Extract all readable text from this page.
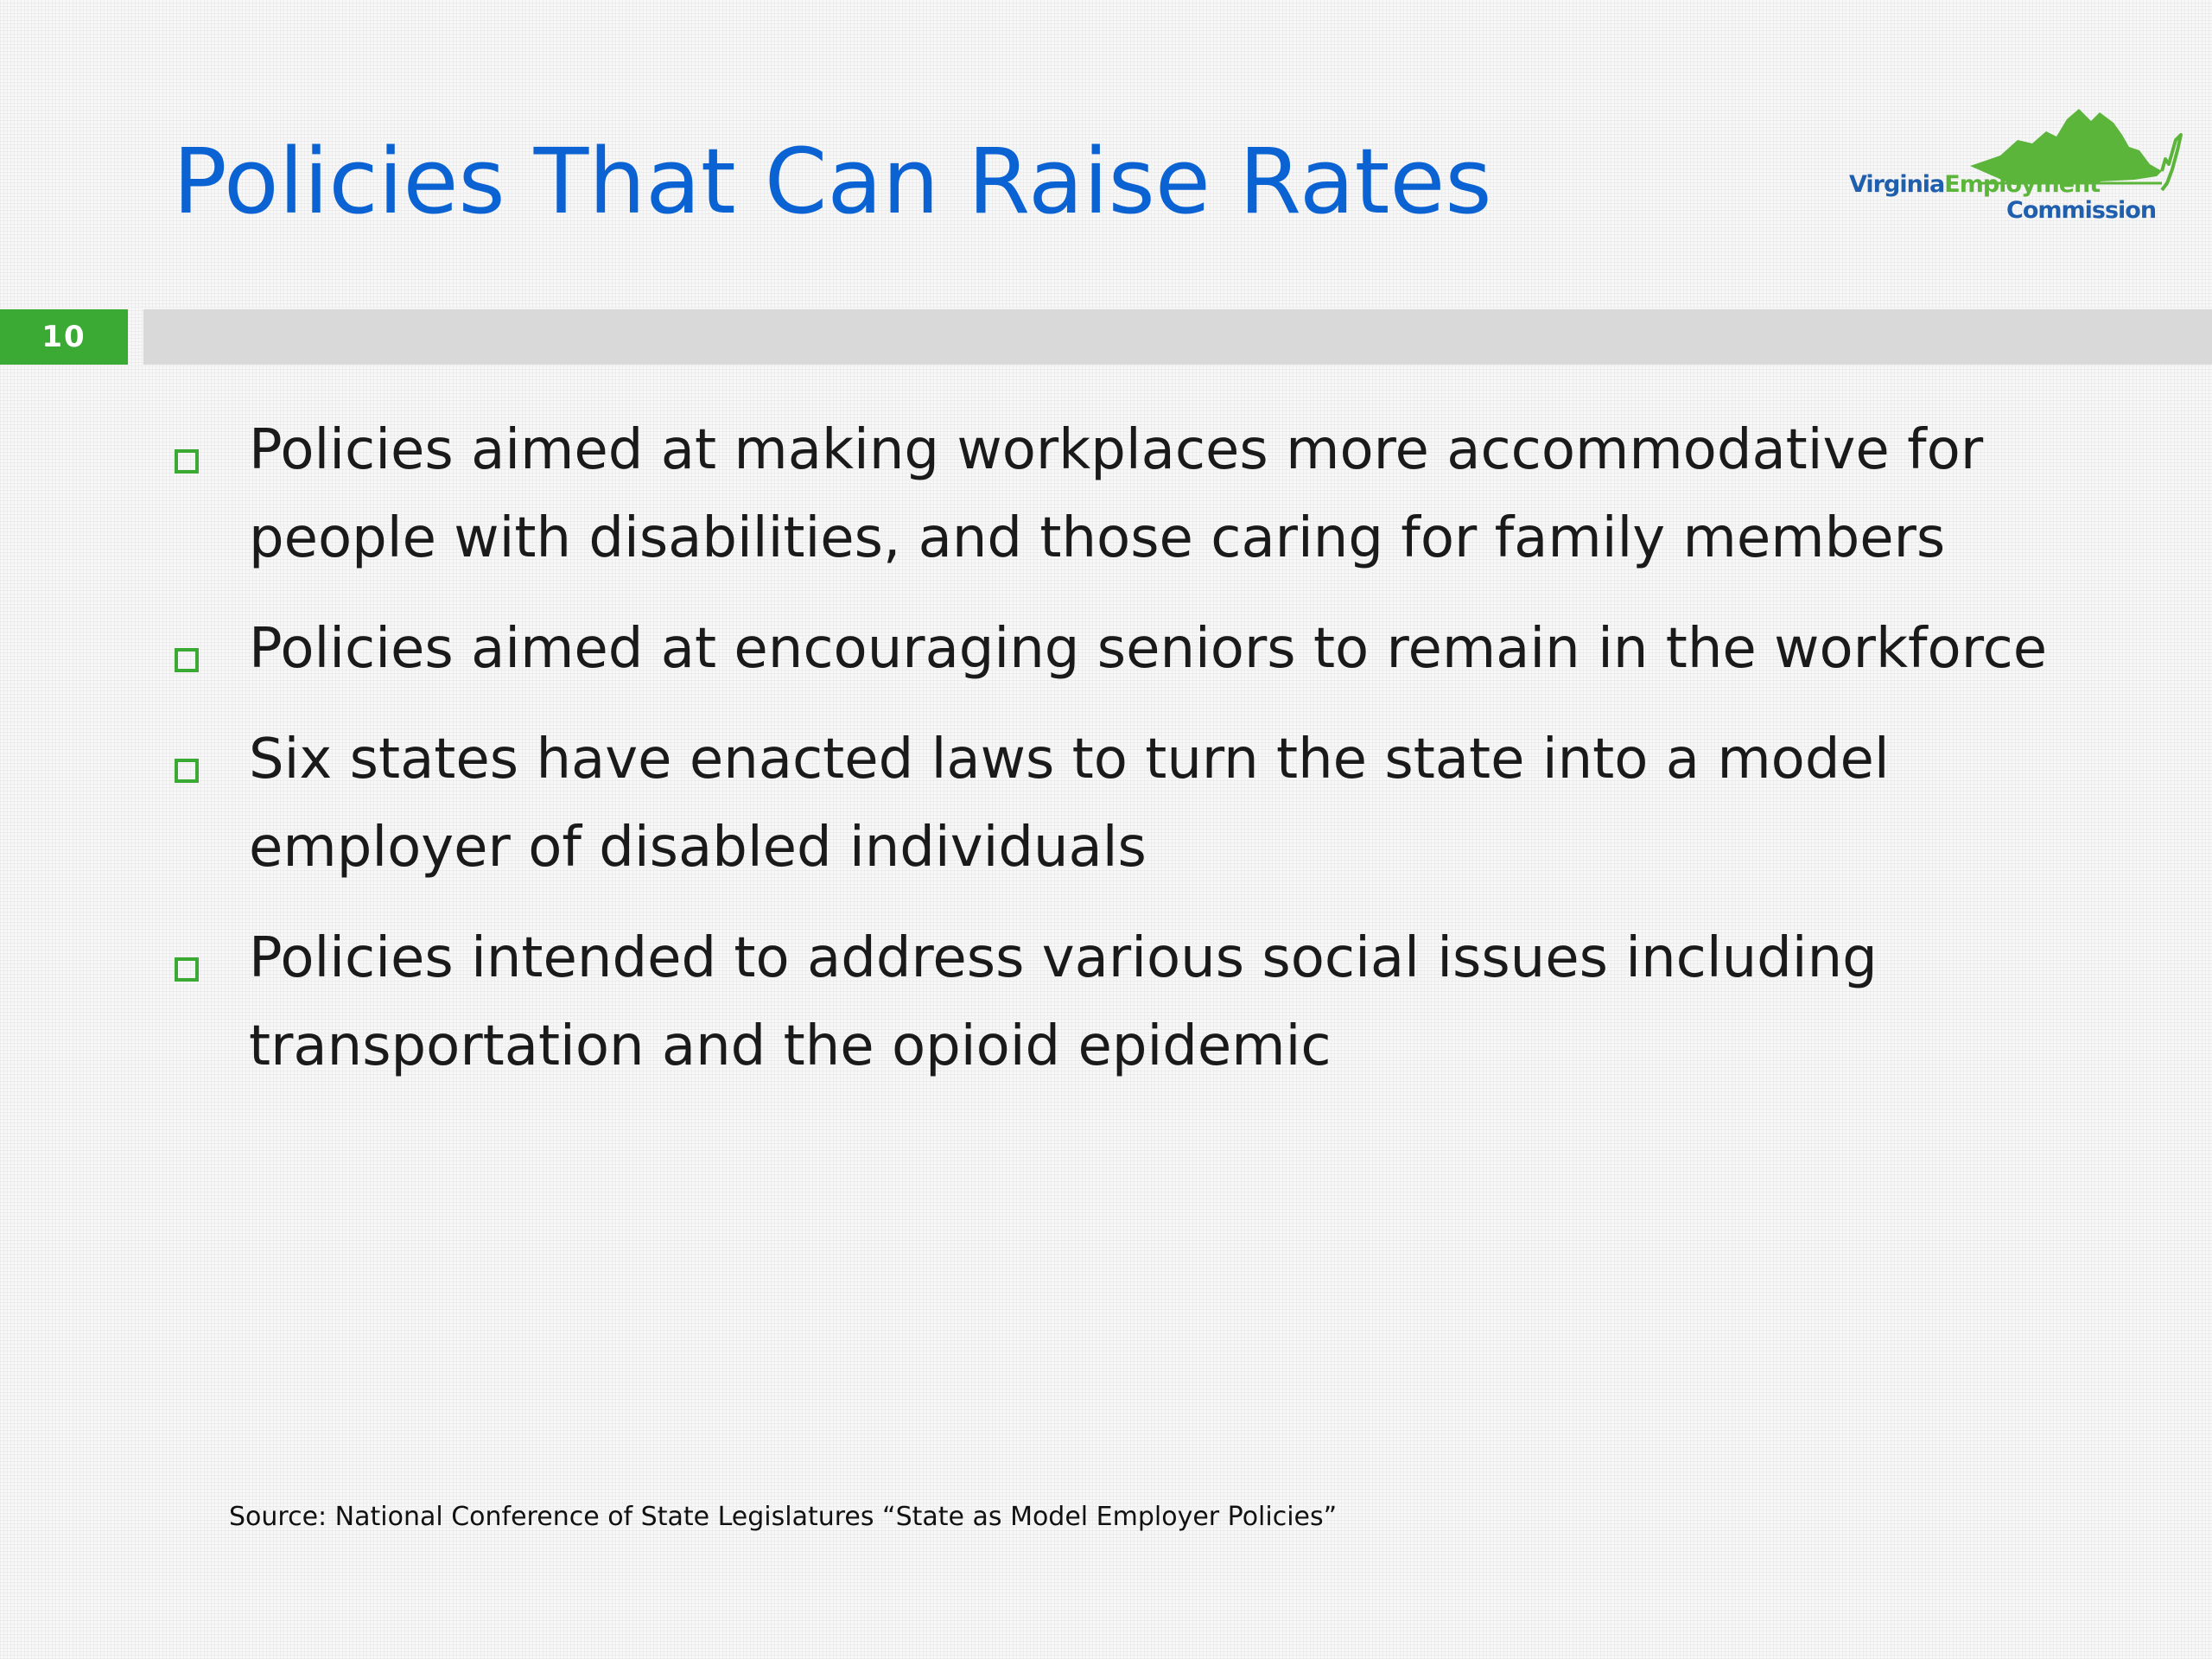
Policies That Can Raise Rates	VirginiaEmployment
Commission
10
Policies aimed at making workplaces more accommodative for people with disabilities, and those caring for family members
Policies aimed at encouraging seniors to remain in the workforce
Six states have enacted laws to turn the state into a model employer of disabled individuals
Policies intended to address various social issues including transportation and the opioid epidemic
Source: National Conference of State Legislatures “State as Model Employer Policies”
